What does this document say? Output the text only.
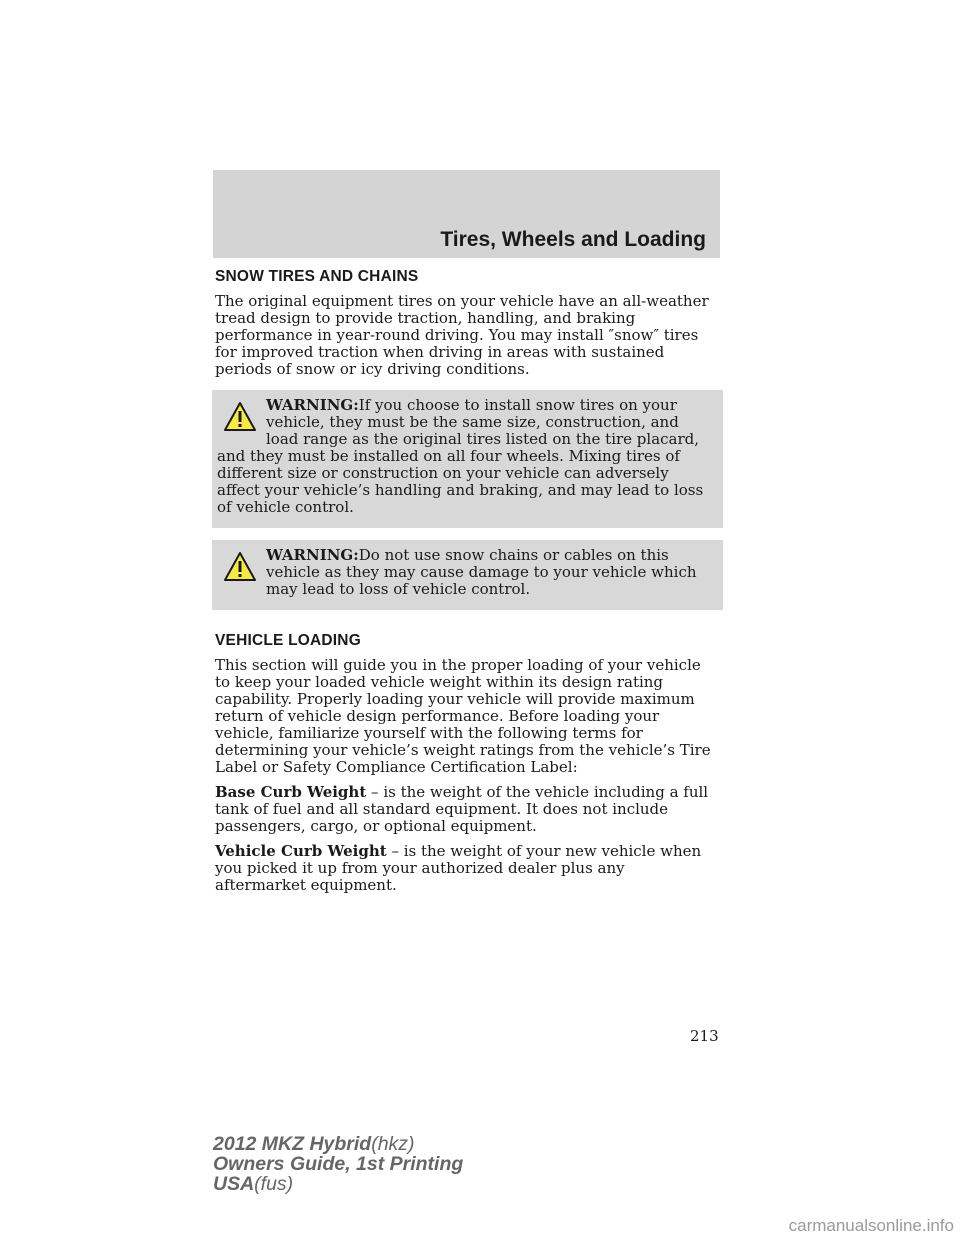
Tires, Wheels and Loading
SNOW TIRES AND CHAINS

The original equipment tires on your vehicle have an all-weather tread design to provide traction, handling, and braking performance in year-round driving. You may install ″snow″ tires for improved traction when driving in areas with sustained periods of snow or icy driving conditions.

WARNING:If you choose to install snow tires on your vehicle, they must be the same size, construction, and load range as the original tires listed on the tire placard, and they must be installed on all four wheels. Mixing tires of different size or construction on your vehicle can adversely affect your vehicle’s handling and braking, and may lead to loss of vehicle control.
WARNING:Do not use snow chains or cables on this vehicle as they may cause damage to your vehicle which may lead to loss of vehicle control.
VEHICLE LOADING

This section will guide you in the proper loading of your vehicle to keep your loaded vehicle weight within its design rating capability. Properly loading your vehicle will provide maximum return of vehicle design performance. Before loading your vehicle, familiarize yourself with the following terms for determining your vehicle’s weight ratings from the vehicle’s Tire Label or Safety Compliance Certification Label:

Base Curb Weight – is the weight of the vehicle including a full tank of fuel and all standard equipment. It does not include passengers, cargo, or optional equipment.

Vehicle Curb Weight – is the weight of your new vehicle when you picked it up from your authorized dealer plus any aftermarket equipment.

213
2012 MKZ Hybrid(hkz)
Owners Guide, 1st Printing
USA(fus)
carmanualsonline.info
